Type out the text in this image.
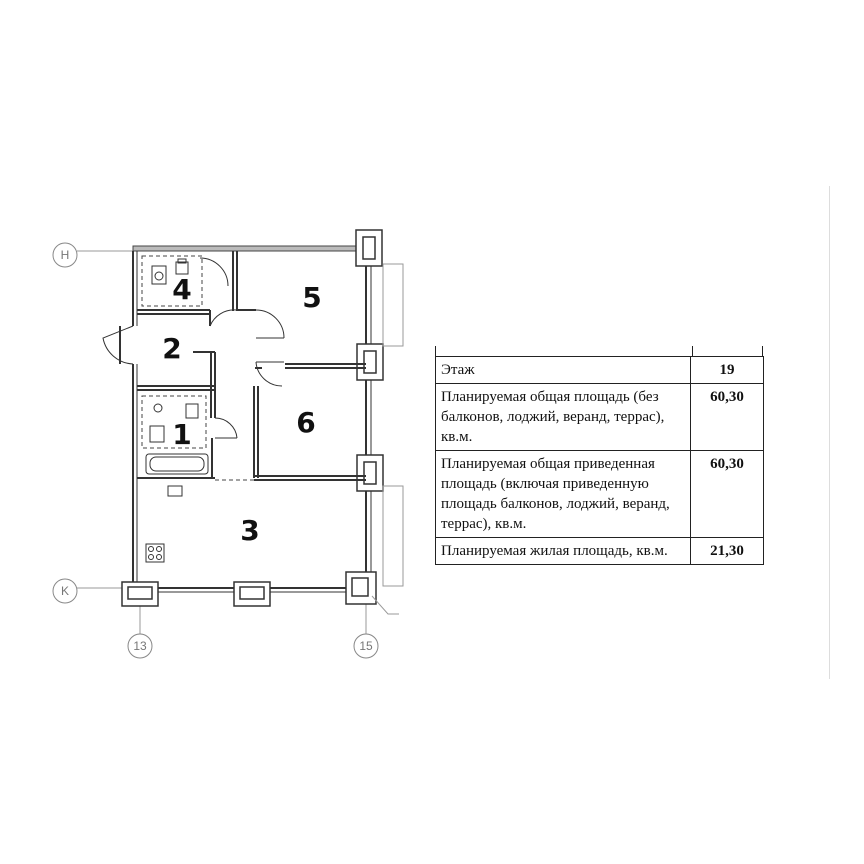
H
K
13	15
4	5
2
1	6
3
Этаж	19
Планируемая общая площадь (без балконов, лоджий, веранд, террас), кв.м.	60,30
Планируемая общая приведенная площадь (включая приведенную площадь балконов, лоджий, веранд, террас), кв.м.	60,30
Планируемая жилая площадь, кв.м.	21,30
